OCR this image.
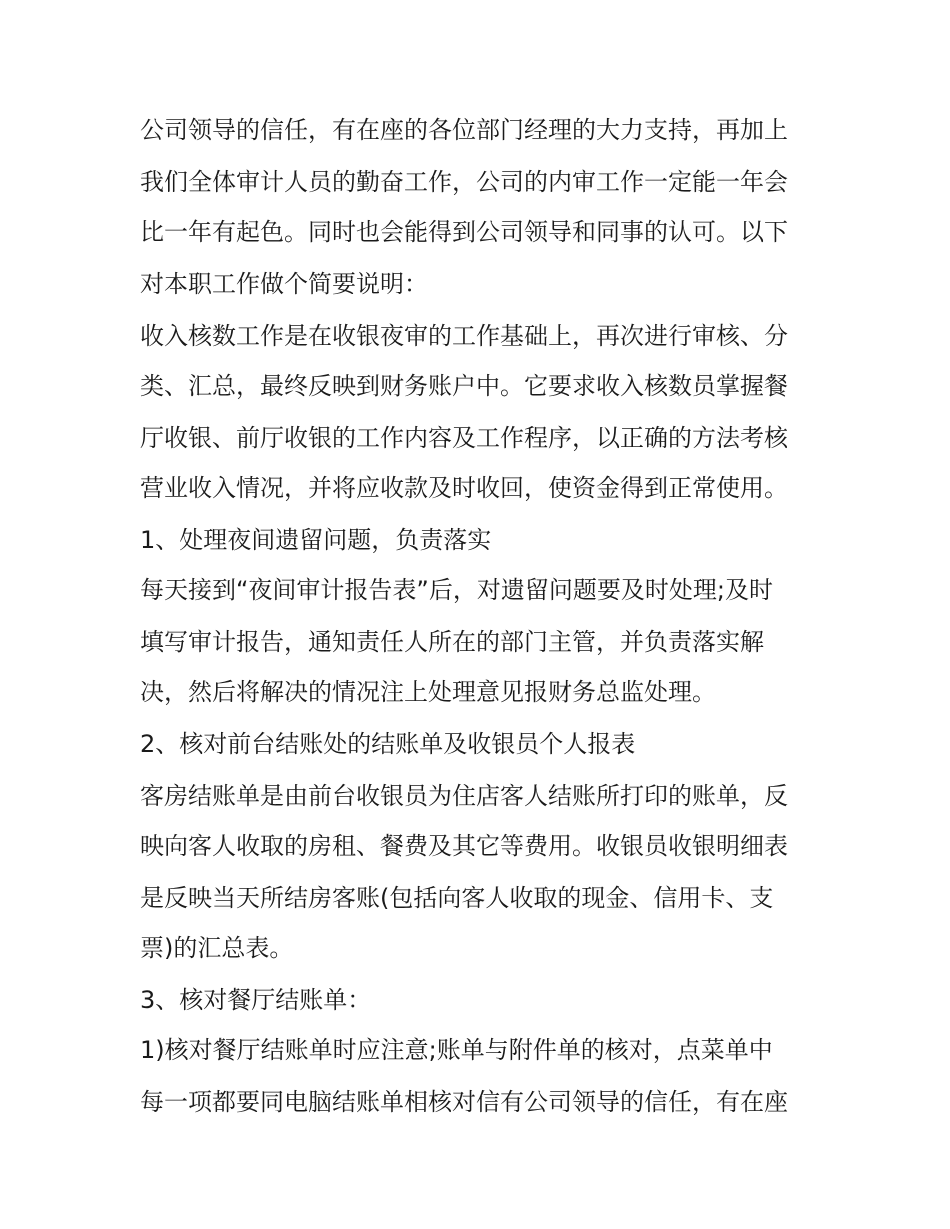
公司领导的信任，有在座的各位部门经理的大力支持，再加上

我们全体审计人员的勤奋工作，公司的内审工作一定能一年会

比一年有起色。同时也会能得到公司领导和同事的认可。以下

对本职工作做个简要说明：

收入核数工作是在收银夜审的工作基础上，再次进行审核、分

类、汇总，最终反映到财务账户中。它要求收入核数员掌握餐

厅收银、前厅收银的工作内容及工作程序，以正确的方法考核

营业收入情况，并将应收款及时收回，使资金得到正常使用。

1、处理夜间遗留问题，负责落实

每天接到“夜间审计报告表”后，对遗留问题要及时处理;及时

填写审计报告，通知责任人所在的部门主管，并负责落实解

决，然后将解决的情况注上处理意见报财务总监处理。

2、核对前台结账处的结账单及收银员个人报表

客房结账单是由前台收银员为住店客人结账所打印的账单，反

映向客人收取的房租、餐费及其它等费用。收银员收银明细表

是反映当天所结房客账(包括向客人收取的现金、信用卡、支

票)的汇总表。

3、核对餐厅结账单：

1)核对餐厅结账单时应注意;账单与附件单的核对，点菜单中

每一项都要同电脑结账单相核对信有公司领导的信任，有在座
